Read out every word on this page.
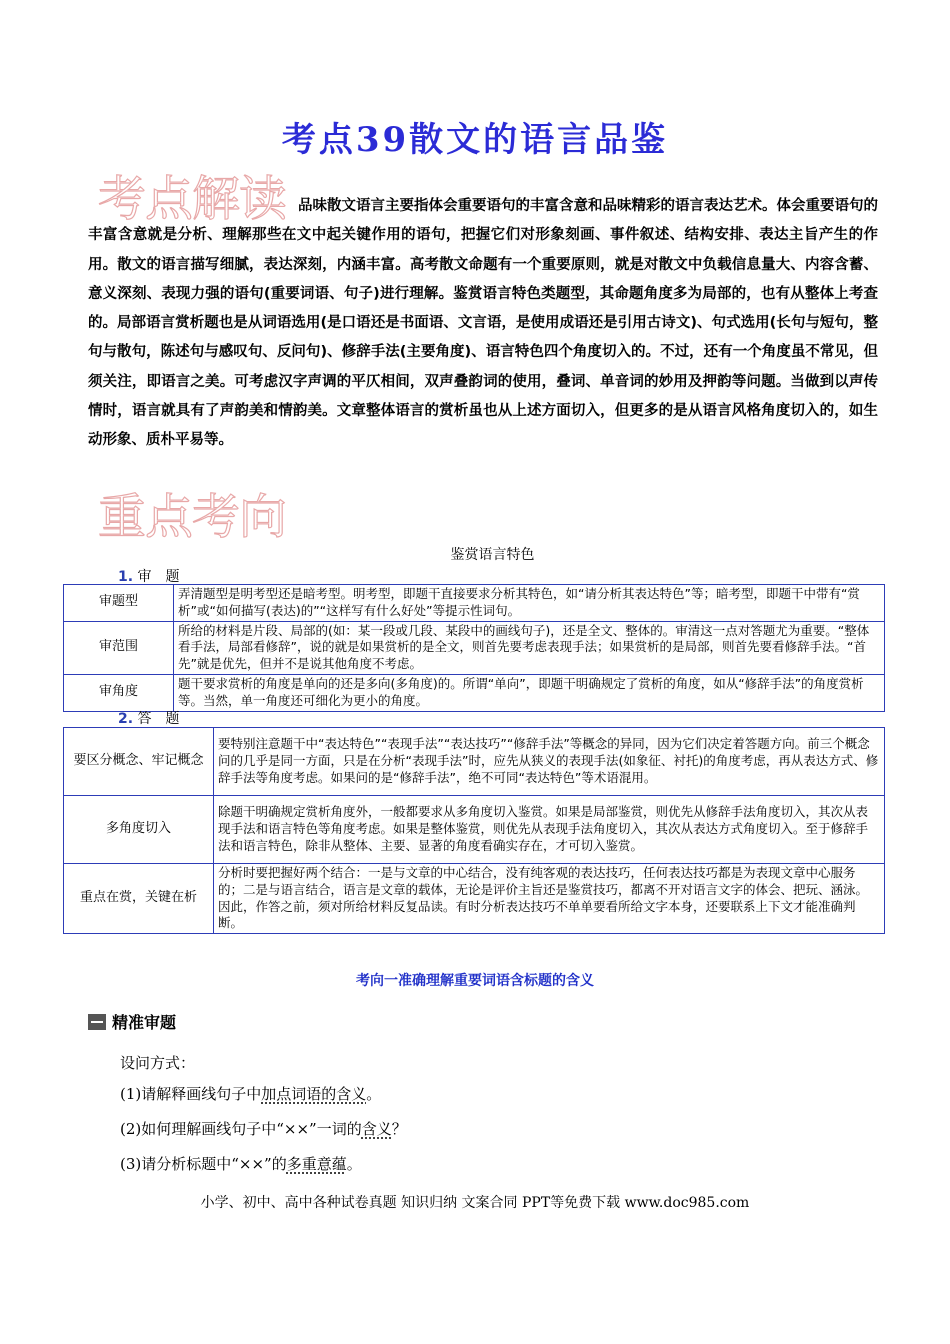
考点39散文的语言品鉴
考点解读 品味散文语言主要指体会重要语句的丰富含意和品味精彩的语言表达艺术。体会重要语句的丰富含意就是分析、理解那些在文中起关键作用的语句，把握它们对形象刻画、事件叙述、结构安排、表达主旨产生的作用。散文的语言描写细腻，表达深刻，内涵丰富。高考散文命题有一个重要原则，就是对散文中负载信息量大、内容含蓄、意义深刻、表现力强的语句(重要词语、句子)进行理解。鉴赏语言特色类题型，其命题角度多为局部的，也有从整体上考查的。局部语言赏析题也是从词语选用(是口语还是书面语、文言语，是使用成语还是引用古诗文)、句式选用(长句与短句，整句与散句，陈述句与感叹句、反问句)、修辞手法(主要角度)、语言特色四个角度切入的。不过，还有一个角度虽不常见，但须关注，即语言之美。可考虑汉字声调的平仄相间，双声叠韵词的使用，叠词、单音词的妙用及押韵等问题。当做到以声传情时，语言就具有了声韵美和情韵美。文章整体语言的赏析虽也从上述方面切入，但更多的是从语言风格角度切入的，如生动形象、质朴平易等。
重点考向
鉴赏语言特色
1. 审　题
审题型	弄清题型是明考型还是暗考型。明考型，即题干直接要求分析其特色，如“请分析其表达特色”等；暗考型，即题干中带有“赏析”或“如何描写(表达)的”“这样写有什么好处”等提示性词句。
审范围	所给的材料是片段、局部的(如：某一段或几段、某段中的画线句子)，还是全文、整体的。审清这一点对答题尤为重要。“整体看手法，局部看修辞”，说的就是如果赏析的是全文，则首先要考虑表现手法；如果赏析的是局部，则首先要看修辞手法。“首先”就是优先，但并不是说其他角度不考虑。
审角度	题干要求赏析的角度是单向的还是多向(多角度)的。所谓“单向”，即题干明确规定了赏析的角度，如从“修辞手法”的角度赏析等。当然，单一角度还可细化为更小的角度。
2. 答　题
要区分概念、牢记概念	要特别注意题干中“表达特色”“表现手法”“表达技巧”“修辞手法”等概念的异同，因为它们决定着答题方向。前三个概念问的几乎是同一方面，只是在分析“表现手法”时，应先从狭义的表现手法(如象征、衬托)的角度考虑，再从表达方式、修辞手法等角度考虑。如果问的是“修辞手法”，绝不可同“表达特色”等术语混用。
多角度切入	除题干明确规定赏析角度外，一般都要求从多角度切入鉴赏。如果是局部鉴赏，则优先从修辞手法角度切入，其次从表现手法和语言特色等角度考虑。如果是整体鉴赏，则优先从表现手法角度切入，其次从表达方式角度切入。至于修辞手法和语言特色，除非从整体、主要、显著的角度看确实存在，才可切入鉴赏。
重点在赏，关键在析	分析时要把握好两个结合：一是与文章的中心结合，没有纯客观的表达技巧，任何表达技巧都是为表现文章中心服务的；二是与语言结合，语言是文章的载体，无论是评价主旨还是鉴赏技巧，都离不开对语言文字的体会、把玩、涵泳。因此，作答之前，须对所给材料反复品读。有时分析表达技巧不单单要看所给文字本身，还要联系上下文才能准确判断。
考向一准确理解重要词语含标题的含义
精准审题
设问方式：
(1)请解释画线句子中加点词语的含义。
(2)如何理解画线句子中“××”一词的含义？
(3)请分析标题中“××”的多重意蕴。
小学、初中、高中各种试卷真题 知识归纳 文案合同 PPT等免费下载 www.doc985.com
